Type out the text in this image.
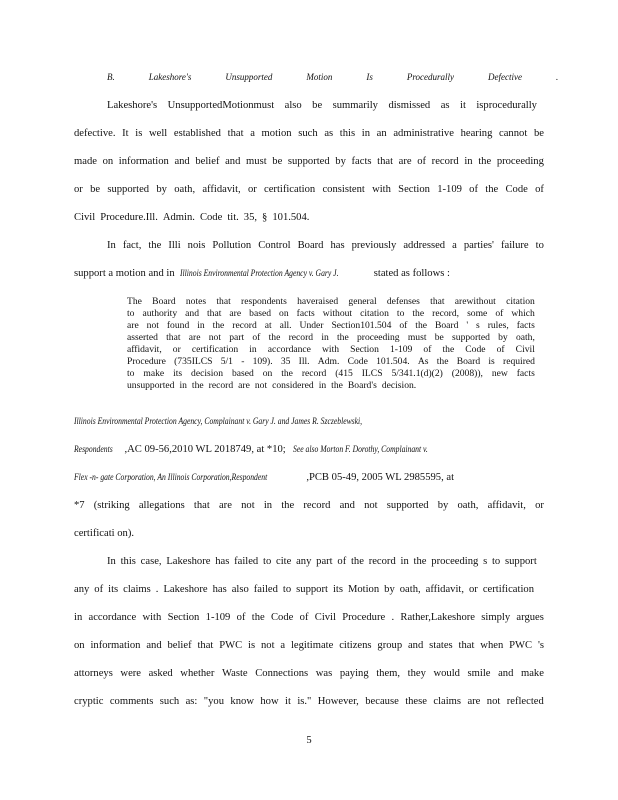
B.	Lakeshore's	Unsupported	Motion	Is	Procedurally	Defective	.
Lakeshore's UnsupportedMotionmust also be summarily dismissed as it isprocedurally
defective. It is well established that a motion such as this in an administrative hearing cannot be
made on information and belief and must be supported by facts that are of record in the proceeding
or be supported by oath, affidavit, or certification consistent with Section 1-109 of the Code of
Civil Procedure.Ill. Admin. Code tit. 35, § 101.504.
In fact, the Illi nois Pollution Control Board has previously addressed a parties' failure to
support a motion and in Illinois Environmental Protection Agency v. Gary J.	stated as follows :
The Board notes that respondents haveraised general defenses that arewithout citation
to authority and that are based on facts without citation to the record, some of which
are not found in the record at all. Under Section101.504 of the Board ' s rules, facts
asserted that are not part of the record in the proceeding must be supported by oath,
affidavit, or certification in accordance with Section 1-109 of the Code of Civil
Procedure (735ILCS 5/1 - 109). 35 Ill. Adm. Code 101.504. As the Board is required
to make its decision based on the record (415 ILCS 5/341.1(d)(2) (2008)), new facts
unsupported in the record are not considered in the Board's decision.
Illinois Environmental Protection Agency, Complainant v. Gary J. and James R. Szczeblewski,
Respondents ,AC 09-56,2010 WL 2018749, at *10; See also Morton F. Dorothy, Complainant v.
Flex -n- gate Corporation, An Illinois Corporation,Respondent	,PCB 05-49, 2005 WL 2985595, at
*7 (striking allegations that are not in the record and not supported by oath, affidavit, or
certificati on).
In this case, Lakeshore has failed to cite any part of the record in the proceeding s to support
any of its claims . Lakeshore has also failed to support its Motion by oath, affidavit, or certification
in accordance with Section 1-109 of the Code of Civil Procedure . Rather,Lakeshore simply argues
on information and belief that PWC is not a legitimate citizens group and states that when PWC 's
attorneys were asked whether Waste Connections was paying them, they would smile and make
cryptic comments such as: "you know how it is." However, because these claims are not reflected
5
